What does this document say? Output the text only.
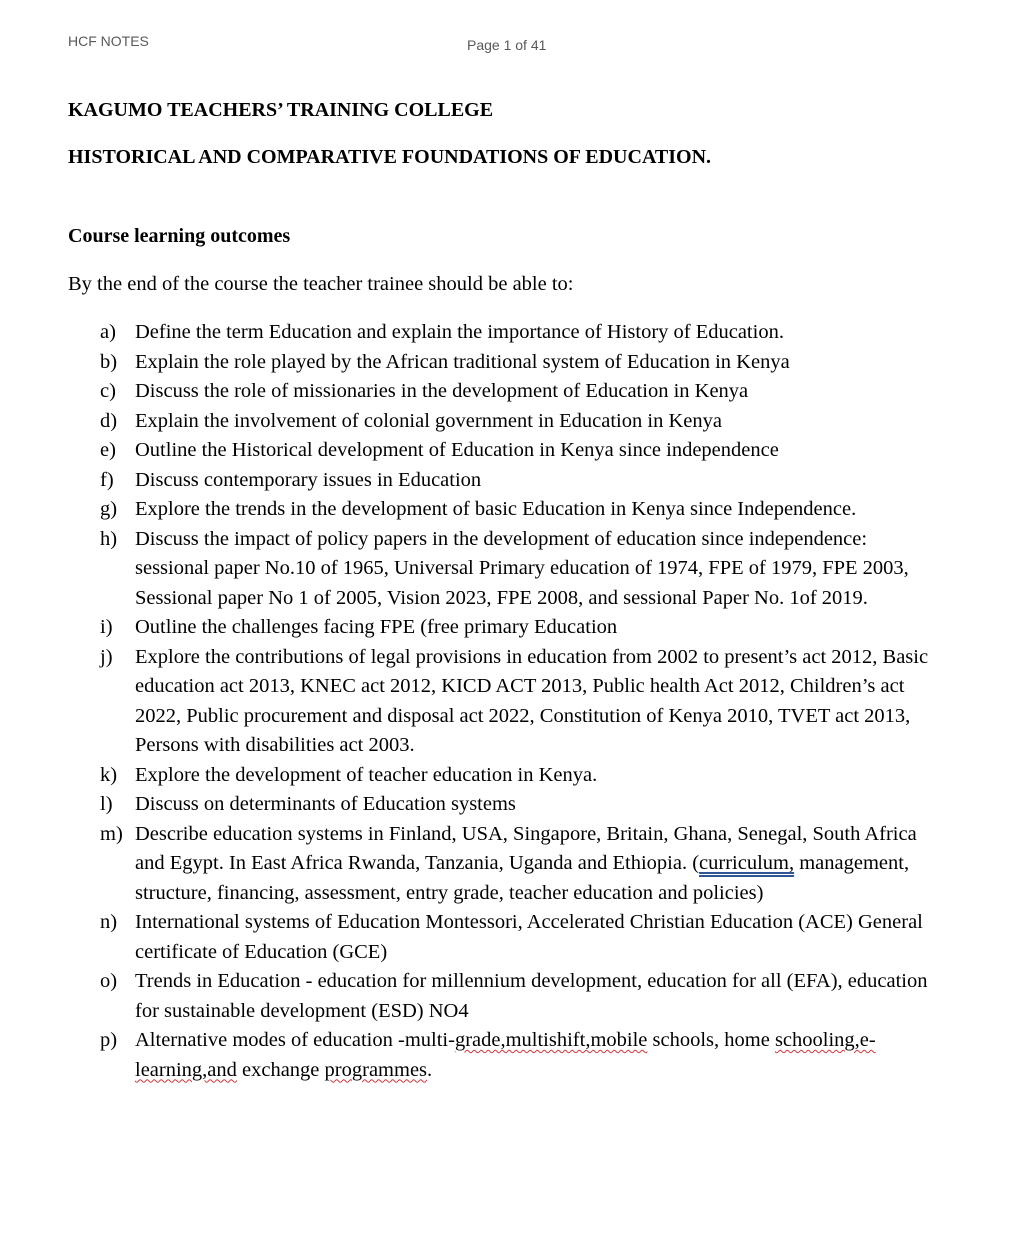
HCF NOTES	Page 1 of 41
KAGUMO TEACHERS’ TRAINING COLLEGE
HISTORICAL AND COMPARATIVE FOUNDATIONS OF EDUCATION.
Course learning outcomes

By the end of the course the teacher trainee should be able to:

a) Define the term Education and explain the importance of History of Education.
b) Explain the role played by the African traditional system of Education in Kenya
c) Discuss the role of missionaries in the development of Education in Kenya
d) Explain the involvement of colonial government in Education in Kenya
e) Outline the Historical development of Education in Kenya since independence
f)	Discuss contemporary issues in Education
g) Explore the trends in the development of basic Education in Kenya since Independence.
h) Discuss the impact of policy papers in the development of education since independence: sessional paper No.10 of 1965, Universal Primary education of 1974, FPE of 1979, FPE 2003, Sessional paper No 1 of 2005, Vision 2023, FPE 2008, and sessional Paper No. 1of 2019.
i)	Outline the challenges facing FPE (free primary Education
j)	Explore the contributions of legal provisions in education from 2002 to present’s act 2012, Basic education act 2013, KNEC act 2012, KICD ACT 2013, Public health Act 2012, Children’s act 2022, Public procurement and disposal act 2022, Constitution of Kenya 2010, TVET act 2013, Persons with disabilities act 2003.
k) Explore the development of teacher education in Kenya.
l)	Discuss on determinants of Education systems
m) Describe education systems in Finland, USA, Singapore, Britain, Ghana, Senegal, South Africa and Egypt. In East Africa Rwanda, Tanzania, Uganda and Ethiopia. (curriculum, management, structure, financing, assessment, entry grade, teacher education and policies)
n) International systems of Education Montessori, Accelerated Christian Education (ACE) General certificate of Education (GCE)
o) Trends in Education - education for millennium development, education for all (EFA), education for sustainable development (ESD) NO4
p) Alternative modes of education -multi-grade,multishift,mobile schools, home schooling,e- learning,and exchange programmes.
